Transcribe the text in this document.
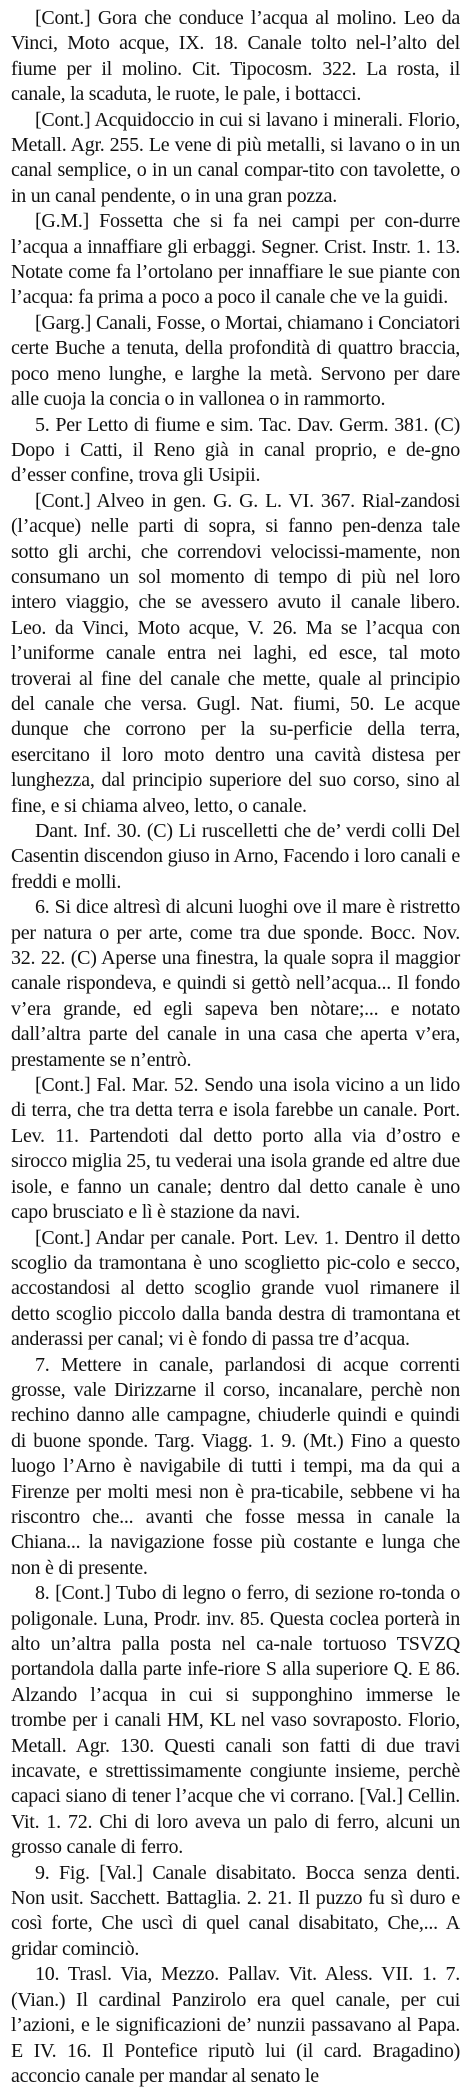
[Cont.] Gora che conduce l’acqua al molino. Leo da Vinci, Moto acque, IX. 18. Canale tolto nel-l’alto del fiume per il molino. Cit. Tipocosm. 322. La rosta, il canale, la scaduta, le ruote, le pale, i bottacci.

[Cont.] Acquidoccio in cui si lavano i minerali. Florio, Metall. Agr. 255. Le vene di più metalli, si lavano o in un canal semplice, o in un canal compar-tito con tavolette, o in un canal pendente, o in una gran pozza.

[G.M.] Fossetta che si fa nei campi per con-durre l’acqua a innaffiare gli erbaggi. Segner. Crist. Instr. 1. 13. Notate come fa l’ortolano per innaffiare le sue piante con l’acqua: fa prima a poco a poco il canale che ve la guidi.

[Garg.] Canali, Fosse, o Mortai, chiamano i Conciatori certe Buche a tenuta, della profondità di quattro braccia, poco meno lunghe, e larghe la metà. Servono per dare alle cuoja la concia o in vallonea o in rammorto.

5. Per Letto di fiume e sim. Tac. Dav. Germ. 381. (C) Dopo i Catti, il Reno già in canal proprio, e de-gno d’esser confine, trova gli Usipii.

[Cont.] Alveo in gen. G. G. L. VI. 367. Rial-zandosi (l’acque) nelle parti di sopra, si fanno pen-denza tale sotto gli archi, che correndovi velocissi-mamente, non consumano un sol momento di tempo di più nel loro intero viaggio, che se avessero avuto il canale libero. Leo. da Vinci, Moto acque, V. 26. Ma se l’acqua con l’uniforme canale entra nei laghi, ed esce, tal moto troverai al fine del canale che mette, quale al principio del canale che versa. Gugl. Nat. fiumi, 50. Le acque dunque che corrono per la su-perficie della terra, esercitano il loro moto dentro una cavità distesa per lunghezza, dal principio superiore del suo corso, sino al fine, e si chiama alveo, letto, o canale.

Dant. Inf. 30. (C) Li ruscelletti che de’ verdi colli Del Casentin discendon giuso in Arno, Facendo i loro canali e freddi e molli.

6. Si dice altresì di alcuni luoghi ove il mare è ristretto per natura o per arte, come tra due sponde. Bocc. Nov. 32. 22. (C) Aperse una finestra, la quale sopra il maggior canale rispondeva, e quindi si gettò nell’acqua... Il fondo v’era grande, ed egli sapeva ben nòtare;... e notato dall’altra parte del canale in una casa che aperta v’era, prestamente se n’entrò.

[Cont.] Fal. Mar. 52. Sendo una isola vicino a un lido di terra, che tra detta terra e isola farebbe un canale. Port. Lev. 11. Partendoti dal detto porto alla via d’ostro e sirocco miglia 25, tu vederai una isola grande ed altre due isole, e fanno un canale; dentro dal detto canale è uno capo brusciato e lì è stazione da navi.

[Cont.] Andar per canale. Port. Lev. 1. Dentro il detto scoglio da tramontana è uno scoglietto pic-colo e secco, accostandosi al detto scoglio grande vuol rimanere il detto scoglio piccolo dalla banda destra di tramontana et anderassi per canal; vi è fondo di passa tre d’acqua.

7. Mettere in canale, parlandosi di acque correnti grosse, vale Dirizzarne il corso, incanalare, perchè non rechino danno alle campagne, chiuderle quindi e quindi di buone sponde. Targ. Viagg. 1. 9. (Mt.) Fino a questo luogo l’Arno è navigabile di tutti i tempi, ma da qui a Firenze per molti mesi non è pra-ticabile, sebbene vi ha riscontro che... avanti che fosse messa in canale la Chiana... la navigazione fosse più costante e lunga che non è di presente.

8. [Cont.] Tubo di legno o ferro, di sezione ro-tonda o poligonale. Luna, Prodr. inv. 85. Questa coclea porterà in alto un’altra palla posta nel ca-nale tortuoso TSVZQ portandola dalla parte infe-riore S alla superiore Q. E 86. Alzando l’acqua in cui si supponghino immerse le trombe per i canali HM, KL nel vaso sovraposto. Florio, Metall. Agr. 130. Questi canali son fatti di due travi incavate, e strettissimamente congiunte insieme, perchè capaci siano di tener l’acque che vi corrano. [Val.] Cellin. Vit. 1. 72. Chi di loro aveva un palo di ferro, alcuni un grosso canale di ferro.

9. Fig. [Val.] Canale disabitato. Bocca senza denti. Non usit. Sacchett. Battaglia. 2. 21. Il puzzo fu sì duro e così forte, Che uscì di quel canal disabitato, Che,... A gridar cominciò.

10. Trasl. Via, Mezzo. Pallav. Vit. Aless. VII. 1. 7. (Vian.) Il cardinal Panzirolo era quel canale, per cui l’azioni, e le significazioni de’ nunzii passavano al Papa. E IV. 16. Il Pontefice riputò lui (il card. Bragadino) acconcio canale per mandar al senato le
